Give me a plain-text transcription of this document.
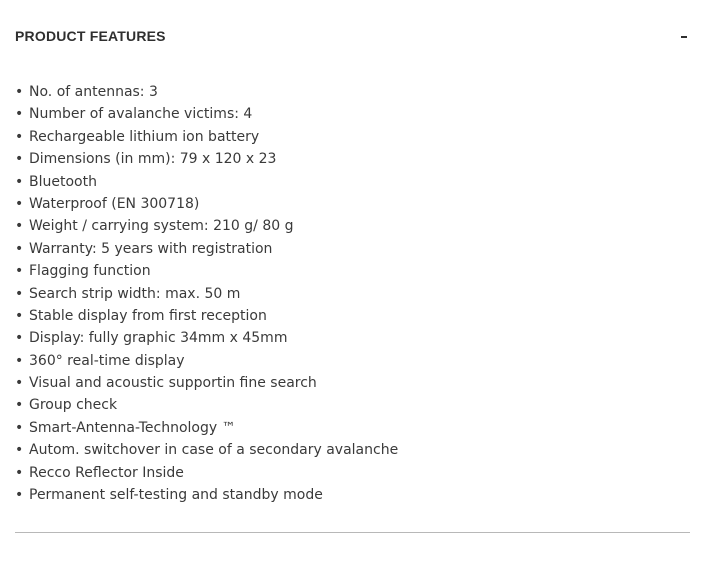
PRODUCT FEATURES
• No. of antennas: 3
• Number of avalanche victims: 4
• Rechargeable lithium ion battery
• Dimensions (in mm): 79 x 120 x 23
• Bluetooth
• Waterproof (EN 300718)
• Weight / carrying system: 210 g/ 80 g
• Warranty: 5 years with registration
• Flagging function
• Search strip width: max. 50 m
• Stable display from first reception
• Display: fully graphic 34mm x 45mm
• 360° real-time display
• Visual and acoustic supportin fine search
• Group check
• Smart-Antenna-Technology ™
• Autom. switchover in case of a secondary avalanche
• Recco Reflector Inside
• Permanent self-testing and standby mode
